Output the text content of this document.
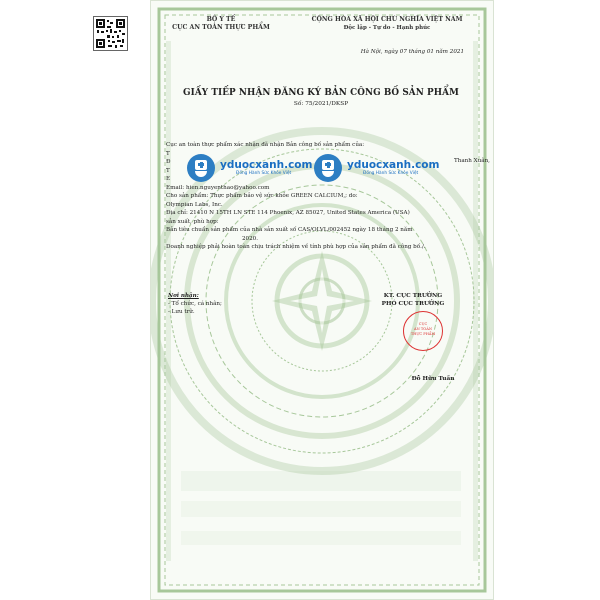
BỘ Y TẾ
CỤC AN TOÀN THỰC PHẨM
CỘNG HÒA XÃ HỘI CHỦ NGHĨA VIỆT NAM
Độc lập - Tự do - Hạnh phúc
Hà Nội, ngày 07 tháng 01 năm 2021
GIẤY TIẾP NHẬN ĐĂNG KÝ BẢN CÔNG BỐ SẢN PHẨM
Số: 75/2021/DKSP
Cục an toàn thực phẩm xác nhận đã nhận Bản công bố sản phẩm của:
T
Đ
T
E
Email: hien.nguyenthao@yahoo.com
Cho sản phẩm: Thực phẩm bảo vệ sức khỏe GREEN CALCIUM,; do:
Olympian Labs, Inc.
Địa chỉ: 21410 N 15TH LN STE 114 Phoenix, AZ 85027, United States America (USA)
sản xuất, phù hợp:
Bản tiêu chuẩn sản phẩm của nhà sản xuất số CAS/OLVL/002452 ngày 18 tháng 2 năm
2020.
Doanh nghiệp phải hoàn toàn chịu trách nhiệm về tính phù hợp của sản phẩm đã công bố./.
Thanh Xuân,
yduocxanh.com
Đồng Hành Sức Khỏe Việt
yduocxanh.com
Đồng Hành Sức Khỏe Việt
Nơi nhận:
- Tổ chức, cá nhân;
- Lưu trữ.
KT. CỤC TRƯỞNG
PHÓ CỤC TRƯỞNG
CỤC
AN TOÀN
THỰC PHẨM
Đỗ Hữu Tuấn
